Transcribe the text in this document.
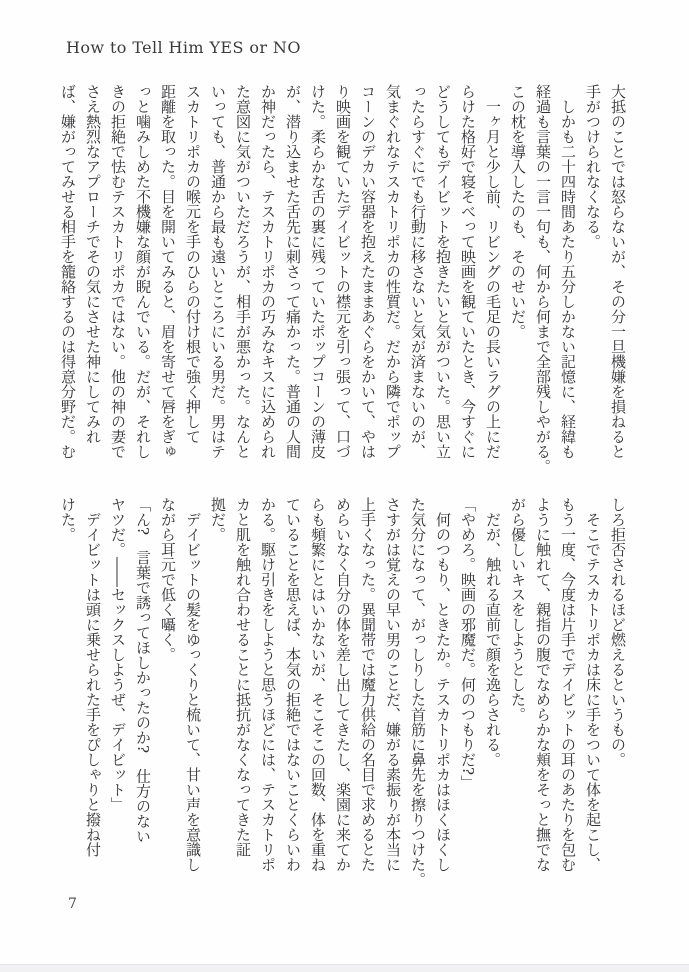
How to Tell Him YES or NO
大抵のことでは怒らないが、その分一旦機嫌を損ねると
手がつけられなくなる。
　しかも二十四時間あたり五分しかない記憶に、経緯も
経過も言葉の一言一句も、何から何まで全部残しやがる。
この枕を導入したのも、そのせいだ。
　一ヶ月と少し前、リビングの毛足の長いラグの上にだ
らけた格好で寝そべって映画を観ていたとき、今すぐに
どうしてもデイビットを抱きたいと気がついた。思い立
ったらすぐにでも行動に移さないと気が済まないのが、
気まぐれなテスカトリポカの性質だ。だから隣でポップ
コーンのデカい容器を抱えたままあぐらをかいて、やは
り映画を観ていたデイビットの襟元を引っ張って、口づ
けた。柔らかな舌の裏に残っていたポップコーンの薄皮
が、潜り込ませた舌先に刺さって痛かった。普通の人間
か神だったら、テスカトリポカの巧みなキスに込められ
た意図に気がついただろうが、相手が悪かった。なんと
いっても、普通から最も遠いところにいる男だ。男はテ
スカトリポカの喉元を手のひらの付け根で強く押して
距離を取った。目を開いてみると、眉を寄せて唇をぎゅ
っと噛みしめた不機嫌な顔が睨んでいる。だが、それし
きの拒絶で怯むテスカトリポカではない。他の神の妻で
さえ熱烈なアプローチでその気にさせた神にしてみれ
ば、嫌がってみせる相手を籠絡するのは得意分野だ。む
しろ拒否されるほど燃えるというもの。
　そこでテスカトリポカは床に手をついて体を起こし、
もう一度、今度は片手でデイビットの耳のあたりを包む
ように触れて、親指の腹でなめらかな頬をそっと撫でな
がら優しいキスをしようとした。
　だが、触れる直前で顔を逸らされる。
「やめろ。映画の邪魔だ。何のつもりだ?」
　何のつもり、ときたか。テスカトリポカはほくほくし
た気分になって、がっしりした首筋に鼻先を擦りつけた。
さすがは覚えの早い男のことだ、嫌がる素振りが本当に
上手くなった。異聞帯では魔力供給の名目で求めるとた
めらいなく自分の体を差し出してきたし、楽園に来てか
らも頻繁にとはいかないが、そこそこの回数、体を重ね
ていることを思えば、本気の拒絶ではないことくらいわ
かる。駆け引きをしようと思うほどには、テスカトリポ
カと肌を触れ合わせることに抵抗がなくなってきた証
拠だ。
　デイビットの髪をゆっくりと梳いて、甘い声を意識し
ながら耳元で低く囁く。
「ん?　言葉で誘ってほしかったのか?　仕方のない
ヤツだ。――セックスしようぜ、デイビット」
　デイビットは頭に乗せられた手をぴしゃりと撥ね付
けた。
7
